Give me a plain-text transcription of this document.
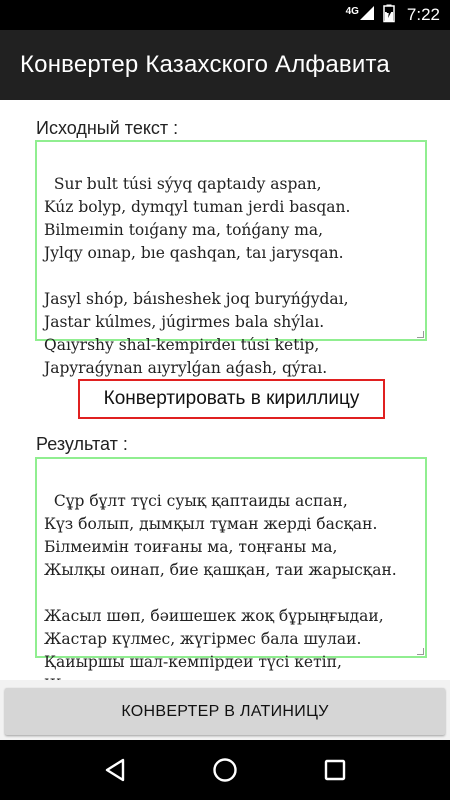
4G	7:22
Конвертер Казахского Алфавита
Исходный текст :

Sur bult túsi sýyq qaptaıdy aspan,
Kúz bolyp, dymqyl tuman jerdi basqan.
Bilmeımin toıǵany ma, tońǵany ma,
Jylqy oınap, bıe qashqan, taı jarysqan.

Jasyl shóp, báısheshek joq buryńǵydaı,
Jastar kúlmes, júgirmes bala shýlaı.
Qaıyrshy shal-kempirdeı túsi ketip,
Japyraǵynan aıyrylǵan aǵash, qýraı.

Конвертировать в кириллицу
Результат :

Сұр бұлт түсі суық қаптаиды аспан,
Күз болып, дымқыл тұман жерді басқан.
Білмеимін тоиғаны ма, тоңғаны ма,
Жылқы оинап, бие қашқан, таи жарысқан.

Жасыл шөп, бәишешек жоқ бұрыңғыдаи,
Жастар күлмес, жүгірмес бала шулаи.
Қаиыршы шал-кемпірдеи түсі кетіп,

КОНВЕРТЕР В ЛАТИНИЦУ
